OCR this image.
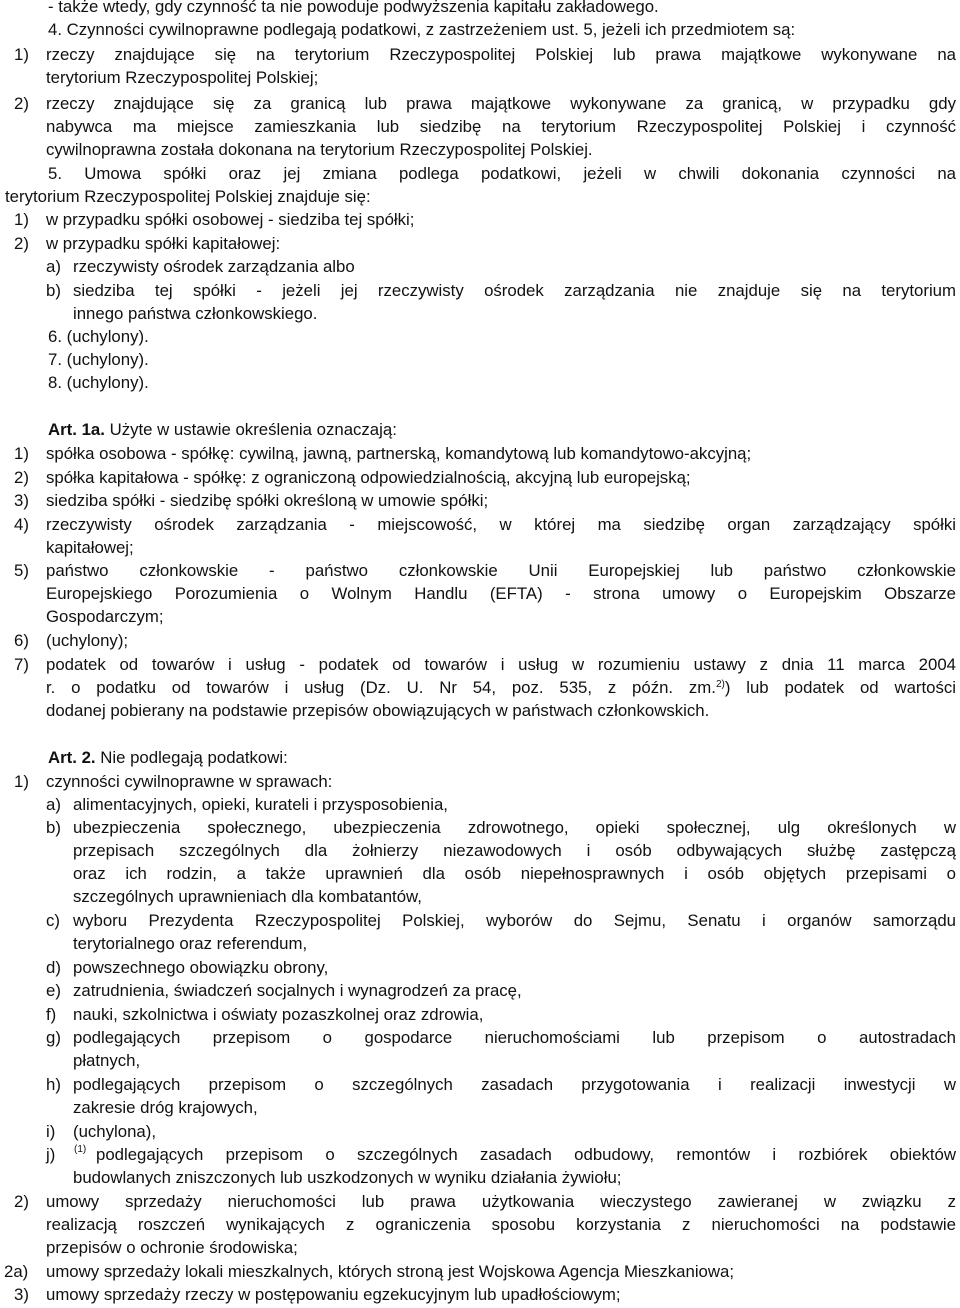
- także wtedy, gdy czynność ta nie powoduje podwyższenia kapitału zakładowego.
4. Czynności cywilnoprawne podlegają podatkowi, z zastrzeżeniem ust. 5, jeżeli ich przedmiotem są:
1) rzeczy znajdujące się na terytorium Rzeczypospolitej Polskiej lub prawa majątkowe wykonywane na
terytorium Rzeczypospolitej Polskiej;
2) rzeczy znajdujące się za granicą lub prawa majątkowe wykonywane za granicą, w przypadku gdy
nabywca ma miejsce zamieszkania lub siedzibę na terytorium Rzeczypospolitej Polskiej i czynność
cywilnoprawna została dokonana na terytorium Rzeczypospolitej Polskiej.
5. Umowa spółki oraz jej zmiana podlega podatkowi, jeżeli w chwili dokonania czynności na
terytorium Rzeczypospolitej Polskiej znajduje się:
1) w przypadku spółki osobowej - siedziba tej spółki;
2) w przypadku spółki kapitałowej:
a) rzeczywisty ośrodek zarządzania albo
b) siedziba tej spółki - jeżeli jej rzeczywisty ośrodek zarządzania nie znajduje się na terytorium
innego państwa członkowskiego.
6. (uchylony).
7. (uchylony).
8. (uchylony).
Art. 1a. Użyte w ustawie określenia oznaczają:
1) spółka osobowa - spółkę: cywilną, jawną, partnerską, komandytową lub komandytowo-akcyjną;
2) spółka kapitałowa - spółkę: z ograniczoną odpowiedzialnością, akcyjną lub europejską;
3) siedziba spółki - siedzibę spółki określoną w umowie spółki;
4) rzeczywisty ośrodek zarządzania - miejscowość, w której ma siedzibę organ zarządzający spółki
kapitałowej;
5) państwo członkowskie - państwo członkowskie Unii Europejskiej lub państwo członkowskie
Europejskiego Porozumienia o Wolnym Handlu (EFTA) - strona umowy o Europejskim Obszarze
Gospodarczym;
6) (uchylony);
7) podatek od towarów i usług - podatek od towarów i usług w rozumieniu ustawy z dnia 11 marca 2004
r. o podatku od towarów i usług (Dz. U. Nr 54, poz. 535, z późn. zm.$^{2)}$) lub podatek od wartości
dodanej pobierany na podstawie przepisów obowiązujących w państwach członkowskich.
Art. 2. Nie podlegają podatkowi:
1) czynności cywilnoprawne w sprawach:
a) alimentacyjnych, opieki, kurateli i przysposobienia,
b) ubezpieczenia społecznego, ubezpieczenia zdrowotnego, opieki społecznej, ulg określonych w
przepisach szczególnych dla żołnierzy niezawodowych i osób odbywających służbę zastępczą
oraz ich rodzin, a także uprawnień dla osób niepełnosprawnych i osób objętych przepisami o
szczególnych uprawnieniach dla kombatantów,
c) wyboru Prezydenta Rzeczypospolitej Polskiej, wyborów do Sejmu, Senatu i organów samorządu
terytorialnego oraz referendum,
d) powszechnego obowiązku obrony,
e) zatrudnienia, świadczeń socjalnych i wynagrodzeń za pracę,
f) nauki, szkolnictwa i oświaty pozaszkolnej oraz zdrowia,
g) podlegających przepisom o gospodarce nieruchomościami lub przepisom o autostradach
płatnych,
h) podlegających przepisom o szczególnych zasadach przygotowania i realizacji inwestycji w
zakresie dróg krajowych,
i) (uchylona),
j) $^{(1)}$ podlegających przepisom o szczególnych zasadach odbudowy, remontów i rozbiórek obiektów
budowlanych zniszczonych lub uszkodzonych w wyniku działania żywiołu;
2) umowy sprzedaży nieruchomości lub prawa użytkowania wieczystego zawieranej w związku z
realizacją roszczeń wynikających z ograniczenia sposobu korzystania z nieruchomości na podstawie
przepisów o ochronie środowiska;
2a) umowy sprzedaży lokali mieszkalnych, których stroną jest Wojskowa Agencja Mieszkaniowa;
3) umowy sprzedaży rzeczy w postępowaniu egzekucyjnym lub upadłościowym;
